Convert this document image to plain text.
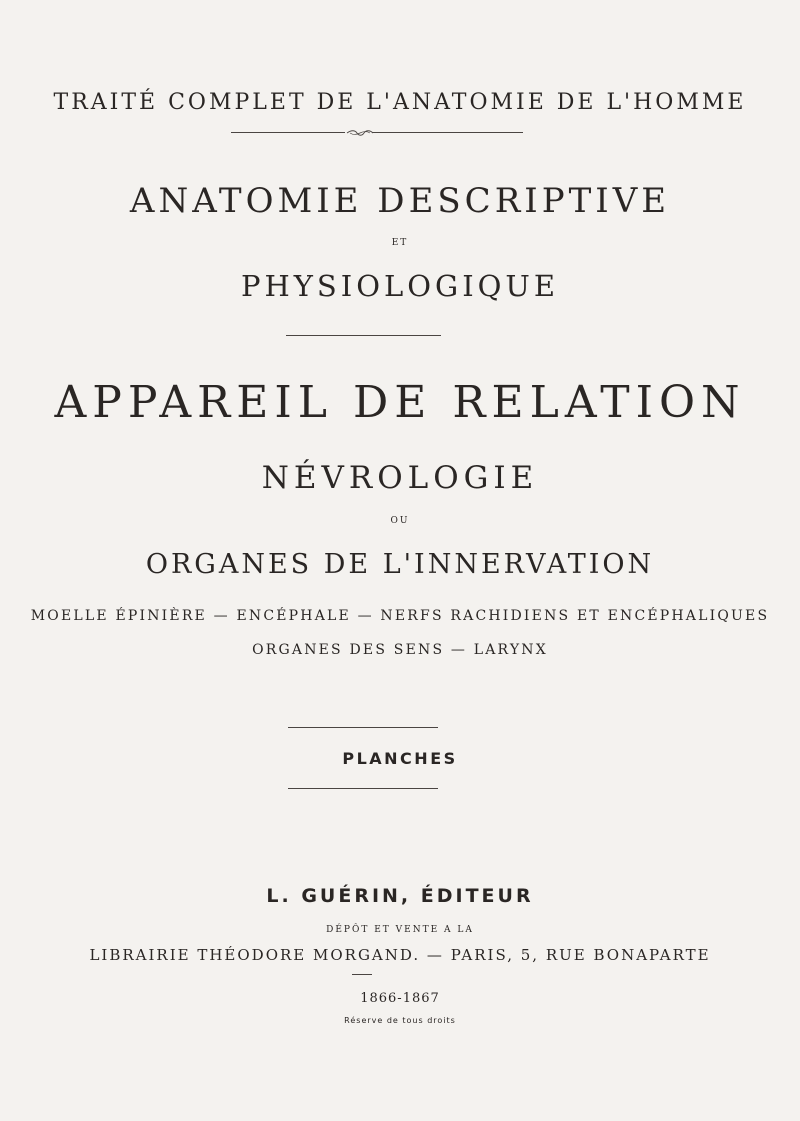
TRAITÉ COMPLET DE L'ANATOMIE DE L'HOMME
ANATOMIE DESCRIPTIVE
ET
PHYSIOLOGIQUE
APPAREIL DE RELATION
NÉVROLOGIE
OU
ORGANES DE L'INNERVATION
MOELLE ÉPINIÈRE — ENCÉPHALE — NERFS RACHIDIENS ET ENCÉPHALIQUES
ORGANES DES SENS — LARYNX
PLANCHES
L. GUÉRIN, ÉDITEUR
DÉPÔT ET VENTE A LA
LIBRAIRIE THÉODORE MORGAND. — PARIS, 5, RUE BONAPARTE
1866-1867
Réserve de tous droits
